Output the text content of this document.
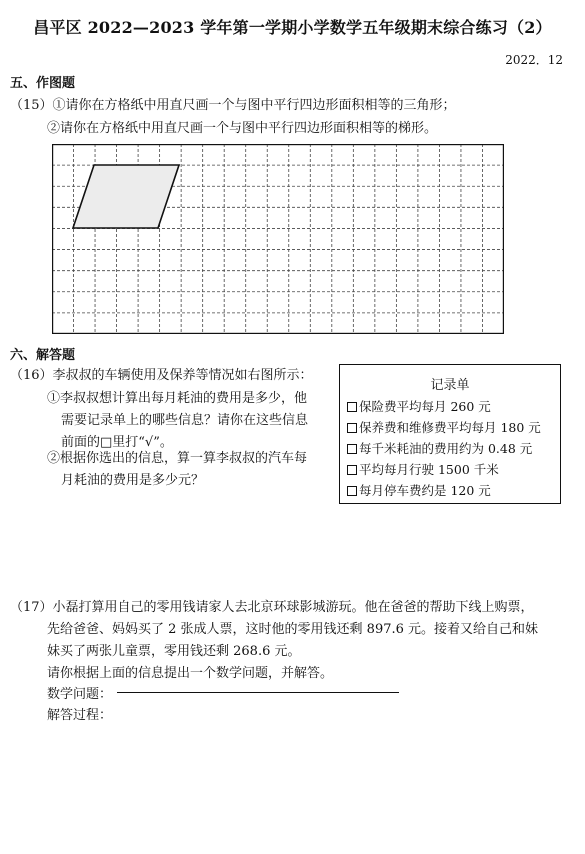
昌平区 2022—2023 学年第一学期小学数学五年级期末综合练习（2）
2022．12
五、作图题
（15）①请你在方格纸中用直尺画一个与图中平行四边形面积相等的三角形；
②请你在方格纸中用直尺画一个与图中平行四边形面积相等的梯形。
六、解答题
（16）李叔叔的车辆使用及保养等情况如右图所示：
①李叔叔想计算出每月耗油的费用是多少，他
需要记录单上的哪些信息？请你在这些信息
前面的□里打“√”。
②根据你选出的信息，算一算李叔叔的汽车每
月耗油的费用是多少元？
记录单
保险费平均每月 260 元
保养费和维修费平均每月 180 元
每千米耗油的费用约为 0.48 元
平均每月行驶 1500 千米
每月停车费约是 120 元
（17）小磊打算用自己的零用钱请家人去北京环球影城游玩。他在爸爸的帮助下线上购票，
先给爸爸、妈妈买了 2 张成人票，这时他的零用钱还剩 897.6 元。接着又给自己和妹
妹买了两张儿童票，零用钱还剩 268.6 元。
请你根据上面的信息提出一个数学问题，并解答。
数学问题：
解答过程：
